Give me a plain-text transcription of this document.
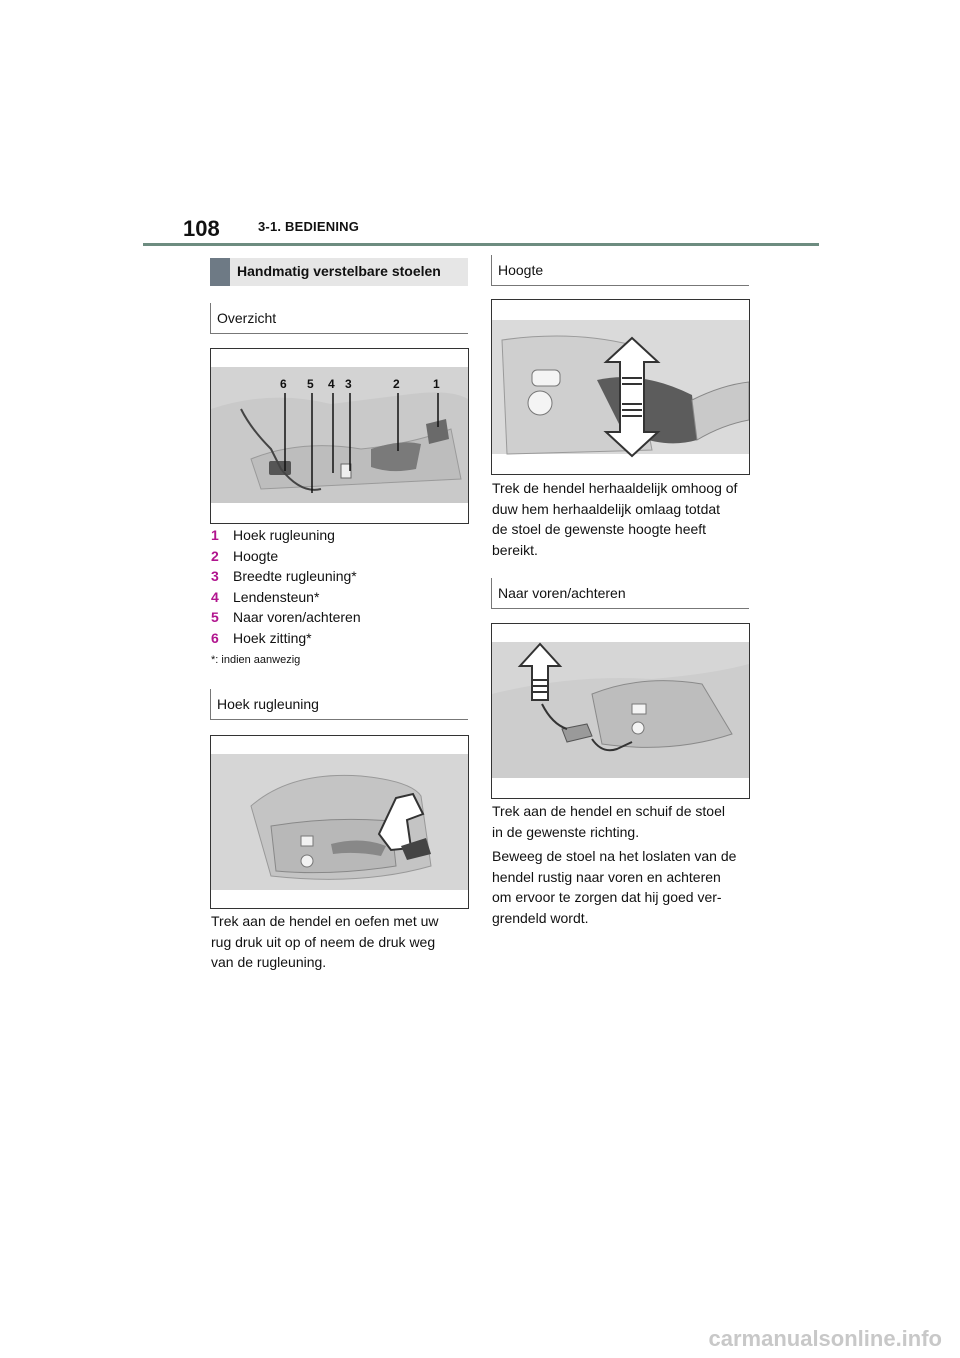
108	3-1. BEDIENING
Handmatig verstelbare stoelen
Overzicht
6 5 4 3	2	1
1 Hoek rugleuning
2 Hoogte
3 Breedte rugleuning*
4 Lendensteun*
5 Naar voren/achteren
6 Hoek zitting*
*: indien aanwezig
Hoek rugleuning
Trek aan de hendel en oefen met uw
rug druk uit op of neem de druk weg
van de rugleuning.
Hoogte
Trek de hendel herhaaldelijk omhoog of
duw hem herhaaldelijk omlaag totdat
de stoel de gewenste hoogte heeft
bereikt.
Naar voren/achteren
Trek aan de hendel en schuif de stoel
in de gewenste richting.
Beweeg de stoel na het loslaten van de
hendel rustig naar voren en achteren
om ervoor te zorgen dat hij goed ver-
grendeld wordt.
carmanualsonline.info
